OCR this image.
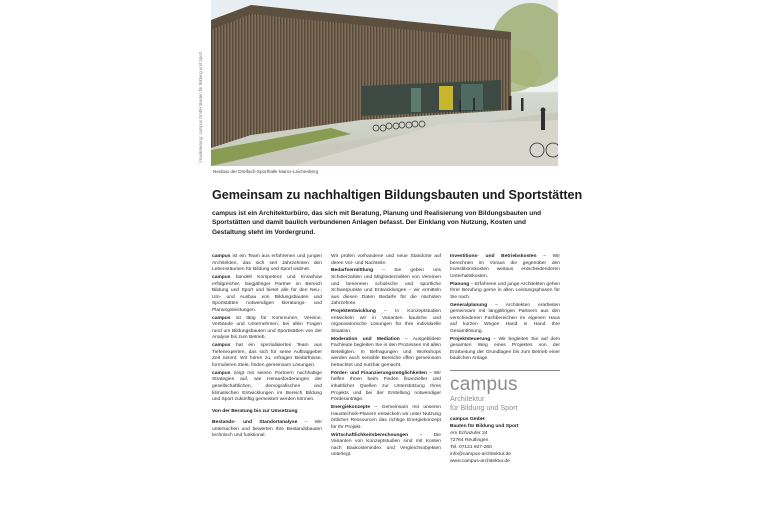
Visualisierung: campus GmbH Bauten für Bildung und Sport
Neubau der Dreifach-Sporthalle Marxx-Leichenberg
Gemeinsam zu nachhaltigen Bildungsbauten und Sportstätten

campus ist ein Architekturbüro, das sich mit Beratung, Planung und Realisierung von Bildungsbauten und Sportstätten und damit baulich verbundenen Anlagen befasst. Der Einklang von Nutzung, Kosten und Gestaltung steht im Vordergrund.

campus ist ein Team aus erfahrenen und jungen Architekten, das sich seit Jahrzehnten den Lebensräumen für Bildung und Sport widmet.

campus bündelt Kompetenz und Knowhow erfolgreicher, langjähriger Partner im Bereich Bildung und Sport und bietet alle für den Neu-, Um- und Ausbau von Bildungsbauten und Sportstätten notwendigen Beratungs- und Planungsleistungen.

campus ist tätig für Kommunen, Vereine, Verbände und Unternehmen, bei allen Fragen rund um Bildungsbauten und Sportstätten von der Analyse bis zum Betrieb.

campus hat ein spezialisiertes Team aus Tiefenexperten, das sich für seine Auftraggeber Zeit nimmt: Wir hören zu, erfragen Bedürfnisse, formulieren Ziele, finden gemeinsam Lösungen.

campus zeigt mit seinen Partnern nachhaltige Strategien auf, wie Herausforderungen der gesellschaftlichen, demografischen und klimatischen Entwicklungen im Bereich Bildung und Sport zukünftig gemeistert werden können.

Von der Beratung bis zur Umsetzung

Bestands- und Standortanalyse – Wir untersuchen und bewerten Ihre Bestandsbauten technisch und funktional.

Wir prüfen vorhandene und neue Standorte auf deren Vor- und Nachteile.

Bedarfsermittlung – Sie geben uns Schülerzahlen und Mitgliederzahlen von Vereinen und benennen schulische und sportliche Schwerpunkte und Entwicklungen – wir ermitteln aus diesen Daten Bedarfe für die nächsten Jahrzehnte.

Projektentwicklung – In Konzeptstudien entwickeln wir in Varianten bauliche und organisatorische Lösungen für Ihre individuelle Situation.

Moderation und Mediation – Ausgebildete Fachleute begleiten Sie in den Prozessen mit allen Beteiligten. In Befragungen und Workshops werden auch sensible Bereiche offen gemeinsam betrachtet und nutzbar gemacht.

Förder- und Finanzierungsmöglichkeiten – Wir helfen Ihnen beim Finden finanzieller und inhaltlicher Quellen zur Unterstützung Ihres Projekts und bei der Erstellung notwendiger Förderanträge.

Energiekonzepte – Gemeinsam mit unseren Haustechnik-Planern entwickeln wir unter Nutzung örtlicher Ressourcen das richtige Energiekonzept für Ihr Projekt.

Wirtschaftlichkeitsberechnungen – Die Varianten von Konzeptstudien sind mit Kosten nach Baukostenindex und Vergleichsobjekten unterlegt.

Investitions- und Betriebskosten – Wir berechnen im Voraus die gegenüber den Investitionskosten weitaus entscheidenderen Unterhaltskosten.

Planung – Erfahrene und junge Architekten gehen Ihrer Berufung gerne in allen Leistungsphasen für Sie nach.

Generalplanung – Architekten erarbeiten gemeinsam mit langjährigen Partnern aus den verschiedenen Fachbereichen im eigenen Haus auf kurzen Wegen Hand in Hand Ihre Gesamtlösung.

Projektsteuerung – Wir begleiten Sie auf dem gesamten Weg eines Projektes von der Erarbeitung der Grundlagen bis zum Betrieb einer baulichen Anlage.

campus
Architektur
für Bildung und Sport
campus GmbH
Bauten für Bildung und Sport
Am Echazufer 24
72764 Reutlingen
Tel. 07121 927-260
info@campus-architektur.de
www.campus-architektur.de
